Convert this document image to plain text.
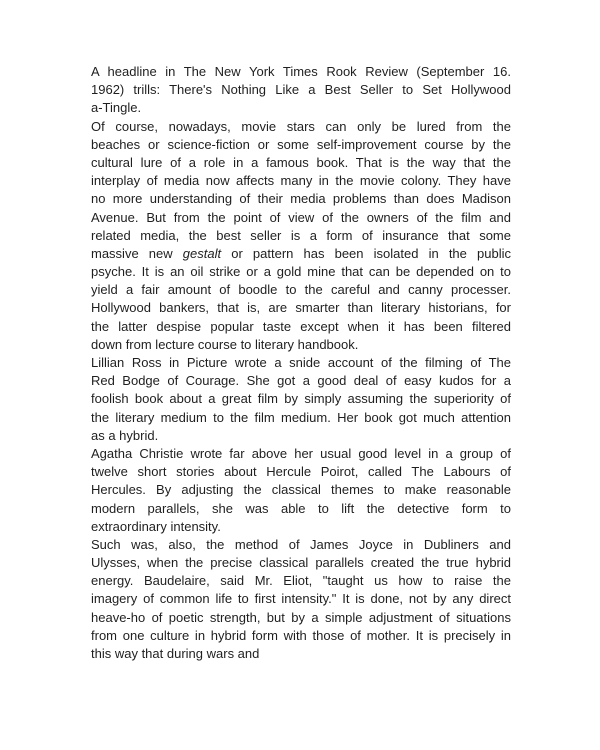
A headline in The New York Times Rook Review (September 16.
1962) trills: There's Nothing Like a Best Seller to Set Hollywood
a-Tingle.
Of course, nowadays, movie stars can only be lured from the
beaches or science-fiction or some self-improvement course by the
cultural lure of a role in a famous book. That is the way that the
interplay of media now affects many in the movie colony. They have
no more understanding of their media problems than does Madison
Avenue. But from the point of view of the owners of the film and
related media, the best seller is a form of insurance that some
massive new gestalt or pattern has been isolated in the public
psyche. It is an oil strike or a gold mine that can be depended on to
yield a fair amount of boodle to the careful and canny processer.
Hollywood bankers, that is, are smarter than literary historians, for
the latter despise popular taste except when it has been filtered
down from lecture course to literary handbook.
Lillian Ross in Picture wrote a snide account of the filming of The
Red Bodge of Courage. She got a good deal of easy kudos for a
foolish book about a great film by simply assuming the superiority of
the literary medium to the film medium. Her book got much attention
as a hybrid.
Agatha Christie wrote far above her usual good level in a group of
twelve short stories about Hercule Poirot, called The Labours of
Hercules. By adjusting the classical themes to make reasonable
modern parallels, she was able to lift the detective form to
extraordinary intensity.
Such was, also, the method of James Joyce in Dubliners and
Ulysses, when the precise classical parallels created the true hybrid
energy. Baudelaire, said Mr. Eliot, "taught us how to raise the
imagery of common life to first intensity." It is done, not by any direct
heave-ho of poetic strength, but by a simple adjustment of situations
from one culture in hybrid form with those of mother. It is precisely in
this way that during wars and
